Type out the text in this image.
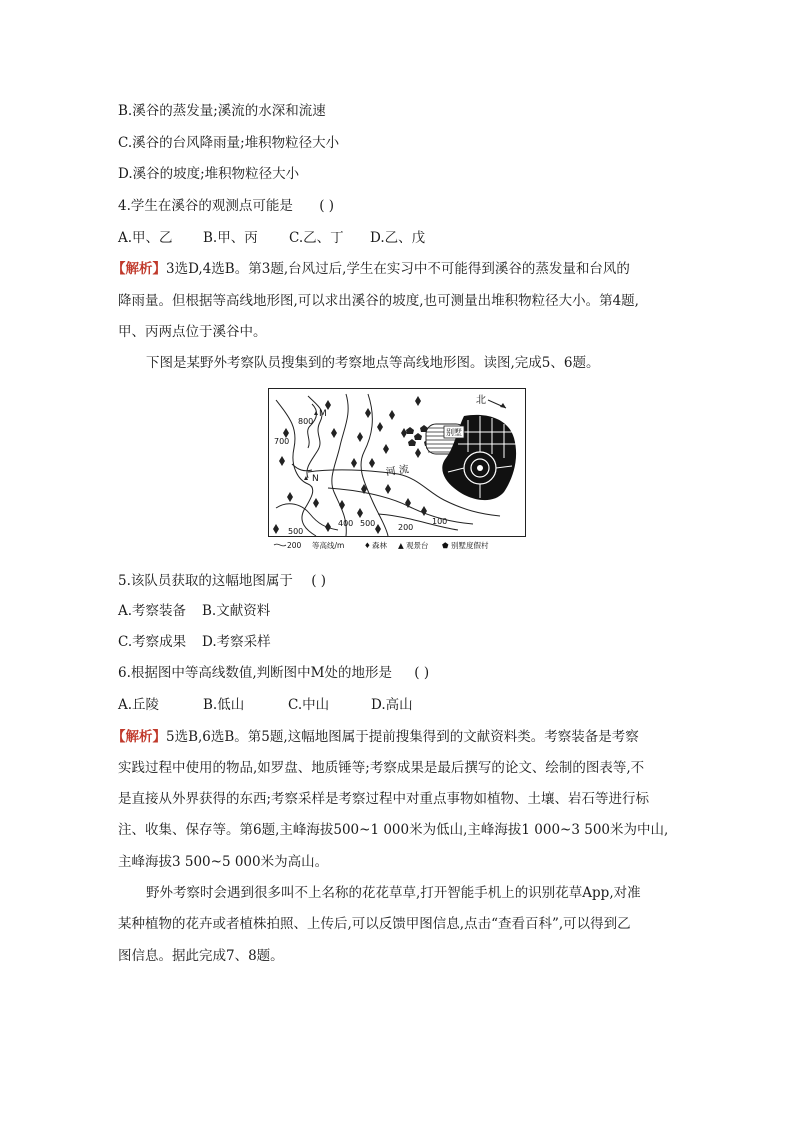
B.溪谷的蒸发量;溪流的水深和流速
C.溪谷的台风降雨量;堆积物粒径大小
D.溪谷的坡度;堆积物粒径大小
4.学生在溪谷的观测点可能是 ( )
A.甲、乙 B.甲、丙 C.乙、丁 D.乙、戊
【解析】3选D,4选B。第3题,台风过后,学生在实习中不可能得到溪谷的蒸发量和台风的
降雨量。但根据等高线地形图,可以求出溪谷的坡度,也可测量出堆积物粒径大小。第4题,
甲、丙两点位于溪谷中。
下图是某野外考察队员搜集到的考察地点等高线地形图。读图,完成5、6题。
别墅
北
M
N
河 流
100
200
400 500
500
700
800
200 等高线/m	♦ 森林 ▲ 观景台 ⬟ 别墅度假村
5.该队员获取的这幅地图属于 ( )
A.考察装备 B.文献资料
C.考察成果 D.考察采样
6.根据图中等高线数值,判断图中M处的地形是 ( )
A.丘陵	B.低山	C.中山	D.高山
【解析】5选B,6选B。第5题,这幅地图属于提前搜集得到的文献资料类。考察装备是考察
实践过程中使用的物品,如罗盘、地质锤等;考察成果是最后撰写的论文、绘制的图表等,不
是直接从外界获得的东西;考察采样是考察过程中对重点事物如植物、土壤、岩石等进行标
注、收集、保存等。第6题,主峰海拔500~1 000米为低山,主峰海拔1 000~3 500米为中山,
主峰海拔3 500~5 000米为高山。
野外考察时会遇到很多叫不上名称的花花草草,打开智能手机上的识别花草App,对准
某种植物的花卉或者植株拍照、上传后,可以反馈甲图信息,点击“查看百科”,可以得到乙
图信息。据此完成7、8题。
